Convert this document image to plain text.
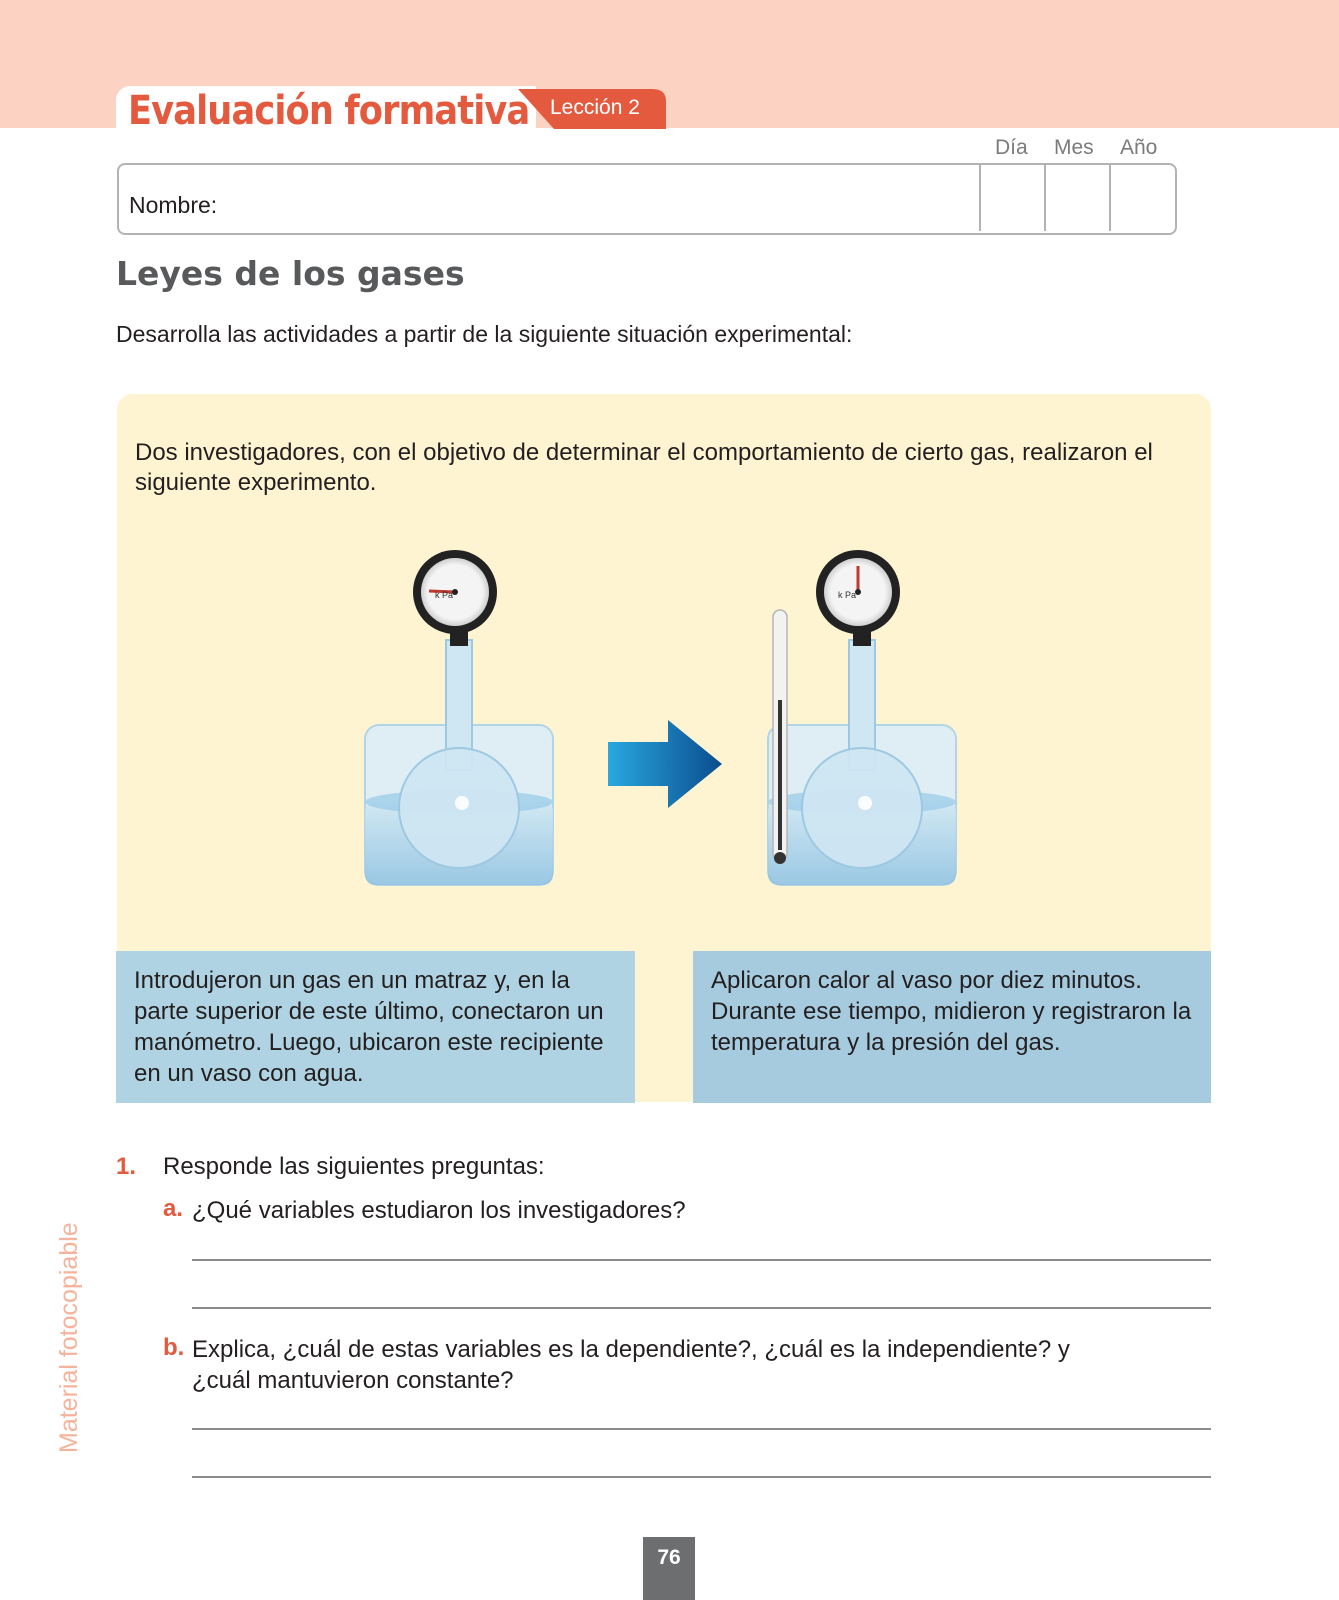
Evaluación formativa Lección 2
Día Mes Año
Nombre:
Leyes de los gases
Desarrolla las actividades a partir de la siguiente situación experimental:
Dos investigadores, con el objetivo de determinar el comportamiento de cierto gas, realizaron el siguiente experimento.
k Pa	k Pa
Introdujeron un gas en un matraz y, en la parte superior de este último, conectaron un manómetro. Luego, ubicaron este recipiente en un vaso con agua.
Aplicaron calor al vaso por diez minutos. Durante ese tiempo, midieron y registraron la temperatura y la presión del gas.
1. Responde las siguientes preguntas:
a. ¿Qué variables estudiaron los investigadores?
b. Explica, ¿cuál de estas variables es la dependiente?, ¿cuál es la independiente? y ¿cuál mantuvieron constante?
Material fotocopiable
76
